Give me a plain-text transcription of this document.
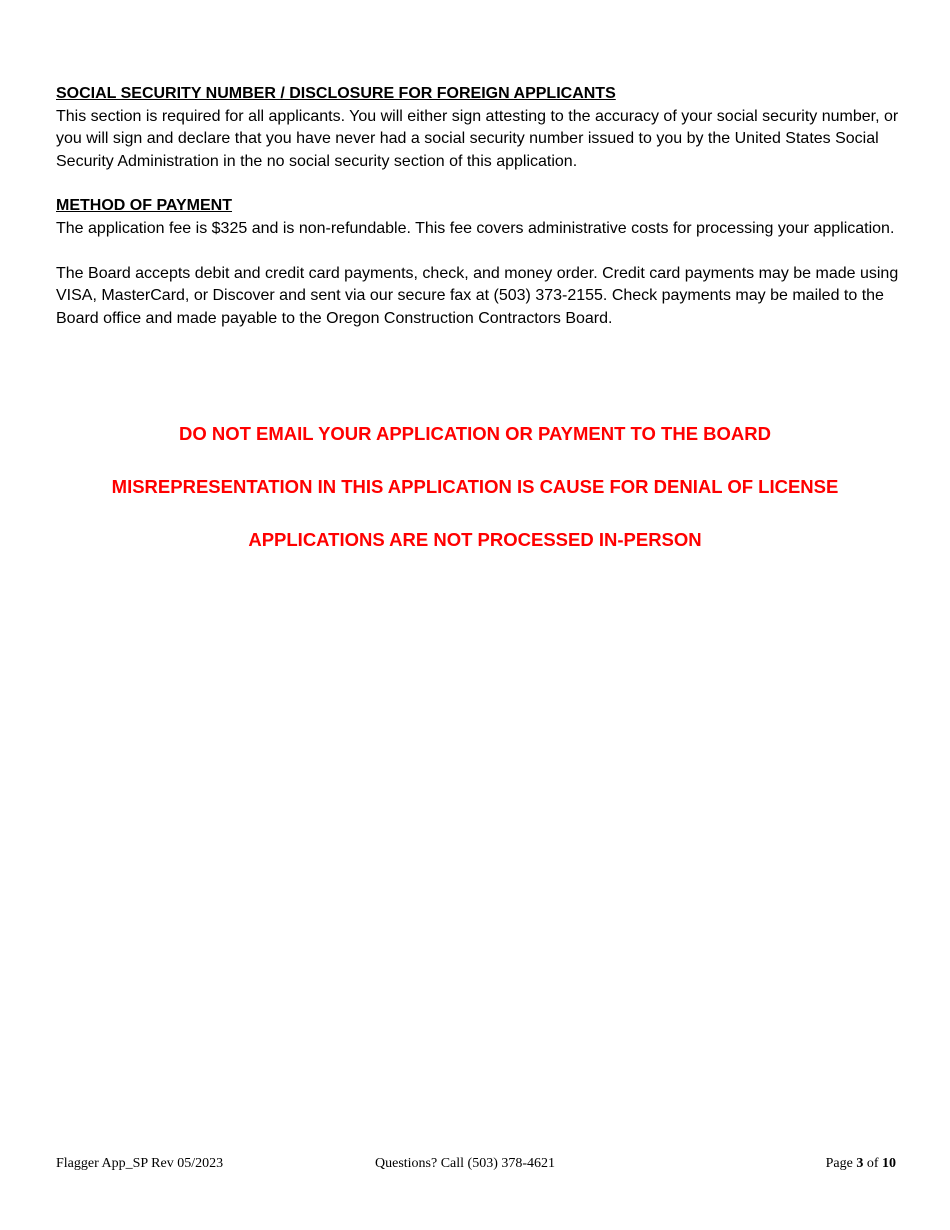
SOCIAL SECURITY NUMBER / DISCLOSURE FOR FOREIGN APPLICANTS

This section is required for all applicants. You will either sign attesting to the accuracy of your social security number, or you will sign and declare that you have never had a social security number issued to you by the United States Social Security Administration in the no social security section of this application.

METHOD OF PAYMENT

The application fee is $325 and is non-refundable. This fee covers administrative costs for processing your application.

The Board accepts debit and credit card payments, check, and money order. Credit card payments may be made using VISA, MasterCard, or Discover and sent via our secure fax at (503) 373-2155. Check payments may be mailed to the Board office and made payable to the Oregon Construction Contractors Board.

DO NOT EMAIL YOUR APPLICATION OR PAYMENT TO THE BOARD
MISREPRESENTATION IN THIS APPLICATION IS CAUSE FOR DENIAL OF LICENSE
APPLICATIONS ARE NOT PROCESSED IN-PERSON
Flagger App_SP Rev 05/2023	Questions? Call (503) 378-4621	Page 3 of 10
